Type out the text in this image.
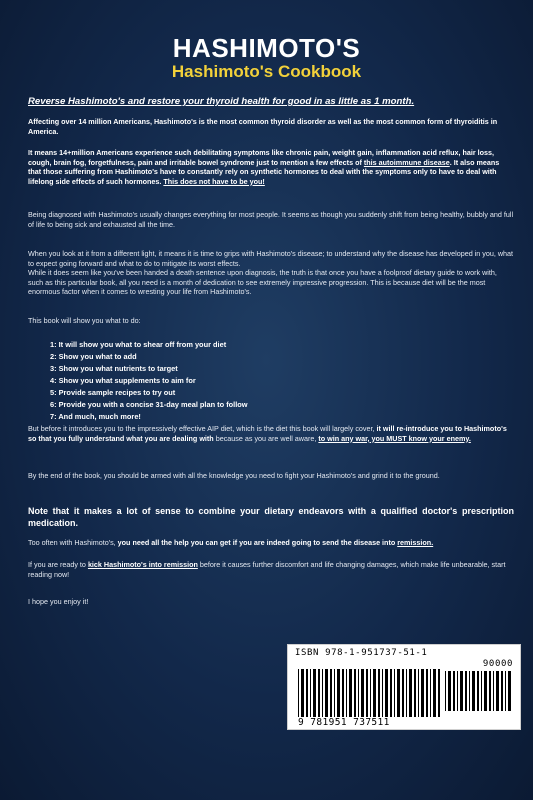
HASHIMOTO'S
Hashimoto's Cookbook
Reverse Hashimoto's and restore your thyroid health for good in as little as 1 month.
Affecting over 14 million Americans, Hashimoto's is the most common thyroid disorder as well as the most common form of thyroiditis in America.
It means 14+million Americans experience such debilitating symptoms like chronic pain, weight gain, inflammation acid reflux, hair loss, cough, brain fog, forgetfulness, pain and irritable bowel syndrome just to mention a few effects of this autoimmune disease. It also means that those suffering from Hashimoto's have to constantly rely on synthetic hormones to deal with the symptoms only to have to deal with lifelong side effects of such hormones. This does not have to be you!
Being diagnosed with Hashimoto's usually changes everything for most people. It seems as though you suddenly shift from being healthy, bubbly and full of life to being sick and exhausted all the time.
When you look at it from a different light, it means it is time to grips with Hashimoto's disease; to understand why the disease has developed in you, what to expect going forward and what to do to mitigate its worst effects.
While it does seem like you've been handed a death sentence upon diagnosis, the truth is that once you have a foolproof dietary guide to work with, such as this particular book, all you need is a month of dedication to see extremely impressive progression. This is because diet will be the most enormous factor when it comes to wresting your life from Hashimoto's.
This book will show you what to do:
1: It will show you what to shear off from your diet
2: Show you what to add
3: Show you what nutrients to target
4: Show you what supplements to aim for
5: Provide sample recipes to try out
6: Provide you with a concise 31-day meal plan to follow
7: And much, much more!
But before it introduces you to the impressively effective AIP diet, which is the diet this book will largely cover, it will re-introduce you to Hashimoto's so that you fully understand what you are dealing with because as you are well aware, to win any war, you MUST know your enemy.
By the end of the book, you should be armed with all the knowledge you need to fight your Hashimoto's and grind it to the ground.
Note that it makes a lot of sense to combine your dietary endeavors with a qualified doctor's prescription medication.
Too often with Hashimoto's, you need all the help you can get if you are indeed going to send the disease into remission.
If you are ready to kick Hashimoto's into remission before it causes further discomfort and life changing damages, which make life unbearable, start reading now!
I hope you enjoy it!
ISBN 978-1-951737-51-1
90000
9 781951 737511
